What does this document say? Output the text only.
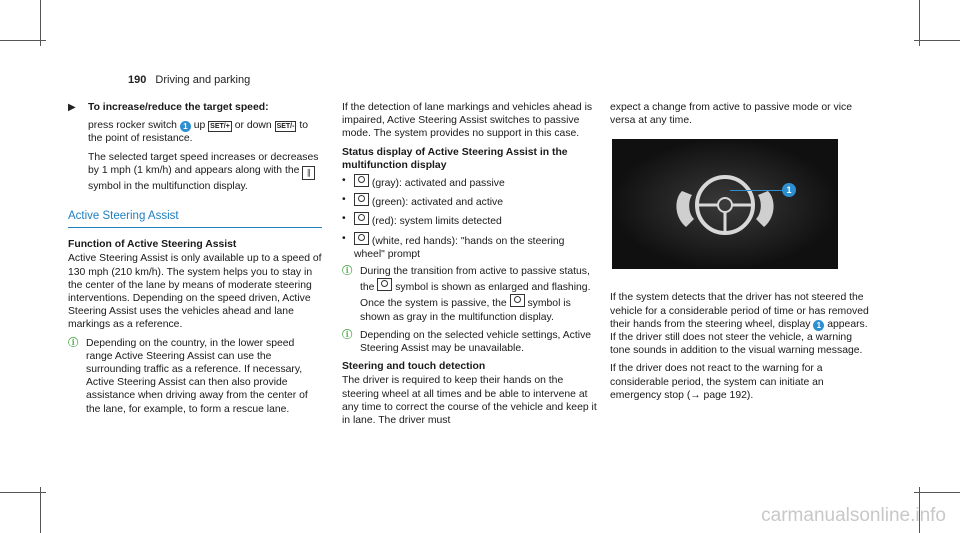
190 Driving and parking
▶	To increase/reduce the target speed:

press rocker switch 1 up SET/+ or down SET/- to the point of resistance.

The selected target speed increases or decreases by 1 mph (1 km/h) and appears along with the ∥ symbol in the multifunction display.

Active Steering Assist

Function of Active Steering Assist

Active Steering Assist is only available up to a speed of 130 mph (210 km/h). The system helps you to stay in the center of the lane by means of moderate steering interventions. Depending on the speed driven, Active Steering Assist uses the vehicles ahead and lane markings as a reference.

ⓘ Depending on the country, in the lower speed range Active Steering Assist can use the surrounding traffic as a reference. If necessary, Active Steering Assist can then also provide assistance when driving away from the center of the lane, for example, to form a rescue lane.

If the detection of lane markings and vehicles ahead is impaired, Active Steering Assist switches to passive mode. The system provides no support in this case.

Status display of Active Steering Assist in the multifunction display

•	(gray): activated and passive
•	(green): activated and active
•	(red): system limits detected
•	(white, red hands): "hands on the steering wheel" prompt
ⓘ During the transition from active to passive status, the  symbol is shown as enlarged and flashing. Once the system is passive, the  symbol is shown as gray in the multifunction display.
ⓘ Depending on the selected vehicle settings, Active Steering Assist may be unavailable.

Steering and touch detection

The driver is required to keep their hands on the steering wheel at all times and be able to intervene at any time to correct the course of the vehicle and keep it in lane. The driver must

expect a change from active to passive mode or vice versa at any time.

1

If the system detects that the driver has not steered the vehicle for a considerable period of time or has removed their hands from the steering wheel, display 1 appears. If the driver still does not steer the vehicle, a warning tone sounds in addition to the visual warning message.

If the driver does not react to the warning for a considerable period, the system can initiate an emergency stop (→ page 192).

carmanualsonline.info
